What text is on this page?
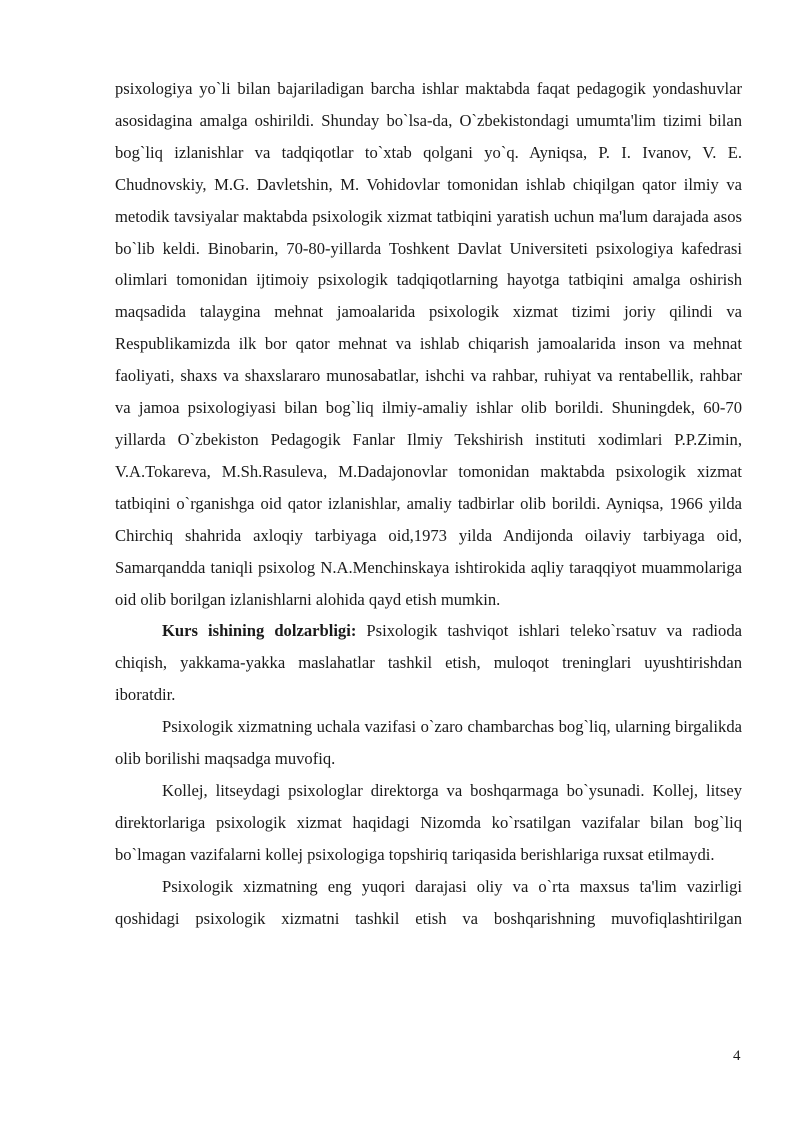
psixologiya yo`li bilan bajariladigan barcha ishlar maktabda faqat pedagogik yondashuvlar asosidagina amalga oshirildi. Shunday bo`lsa-da, O`zbekistondagi umumta'lim tizimi bilan bog`liq izlanishlar va tadqiqotlar to`xtab qolgani yo`q. Ayniqsa, P. I. Ivanov, V. E. Chudnovskiy, M.G. Davletshin, M. Vohidovlar tomonidan ishlab chiqilgan qator ilmiy va metodik tavsiyalar maktabda psixologik xizmat tatbiqini yaratish uchun ma'lum darajada asos bo`lib keldi. Binobarin, 70-80-yillarda Toshkent Davlat Universiteti psixologiya kafedrasi olimlari tomonidan ijtimoiy psixologik tadqiqotlarning hayotga tatbiqini amalga oshirish maqsadida talaygina mehnat jamoalarida psixologik xizmat tizimi joriy qilindi va Respublikamizda ilk bor qator mehnat va ishlab chiqarish jamoalarida inson va mehnat faoliyati, shaxs va shaxslararo munosabatlar, ishchi va rahbar, ruhiyat va rentabellik, rahbar va jamoa psixologiyasi bilan bog`liq ilmiy-amaliy ishlar olib borildi. Shuningdek, 60-70 yillarda O`zbekiston Pedagogik Fanlar Ilmiy Tekshirish instituti xodimlari P.P.Zimin, V.A.Tokareva, M.Sh.Rasuleva, M.Dadajonovlar tomonidan maktabda psixologik xizmat tatbiqini o`rganishga oid qator izlanishlar, amaliy tadbirlar olib borildi. Ayniqsa, 1966 yilda Chirchiq shahrida axloqiy tarbiyaga oid,1973 yilda Andijonda oilaviy tarbiyaga oid, Samarqandda taniqli psixolog N.A.Menchinskaya ishtirokida aqliy taraqqiyot muammolariga oid olib borilgan izlanishlarni alohida qayd etish mumkin.

Kurs ishining dolzarbligi: Psixologik tashviqot ishlari teleko`rsatuv va radioda chiqish, yakkama-yakka maslahatlar tashkil etish, muloqot treninglari uyushtirishdan iboratdir.

Psixologik xizmatning uchala vazifasi o`zaro chambarchas bog`liq, ularning birgalikda olib borilishi maqsadga muvofiq.

Kollej, litseydagi psixologlar direktorga va boshqarmaga bo`ysunadi. Kollej, litsey direktorlariga psixologik xizmat haqidagi Nizomda ko`rsatilgan vazifalar bilan bog`liq bo`lmagan vazifalarni kollej psixologiga topshiriq tariqasida berishlariga ruxsat etilmaydi.

Psixologik xizmatning eng yuqori darajasi oliy va o`rta maxsus ta'lim vazirligi qoshidagi psixologik xizmatni tashkil etish va boshqarishning muvofiqlashtirilgan

4
